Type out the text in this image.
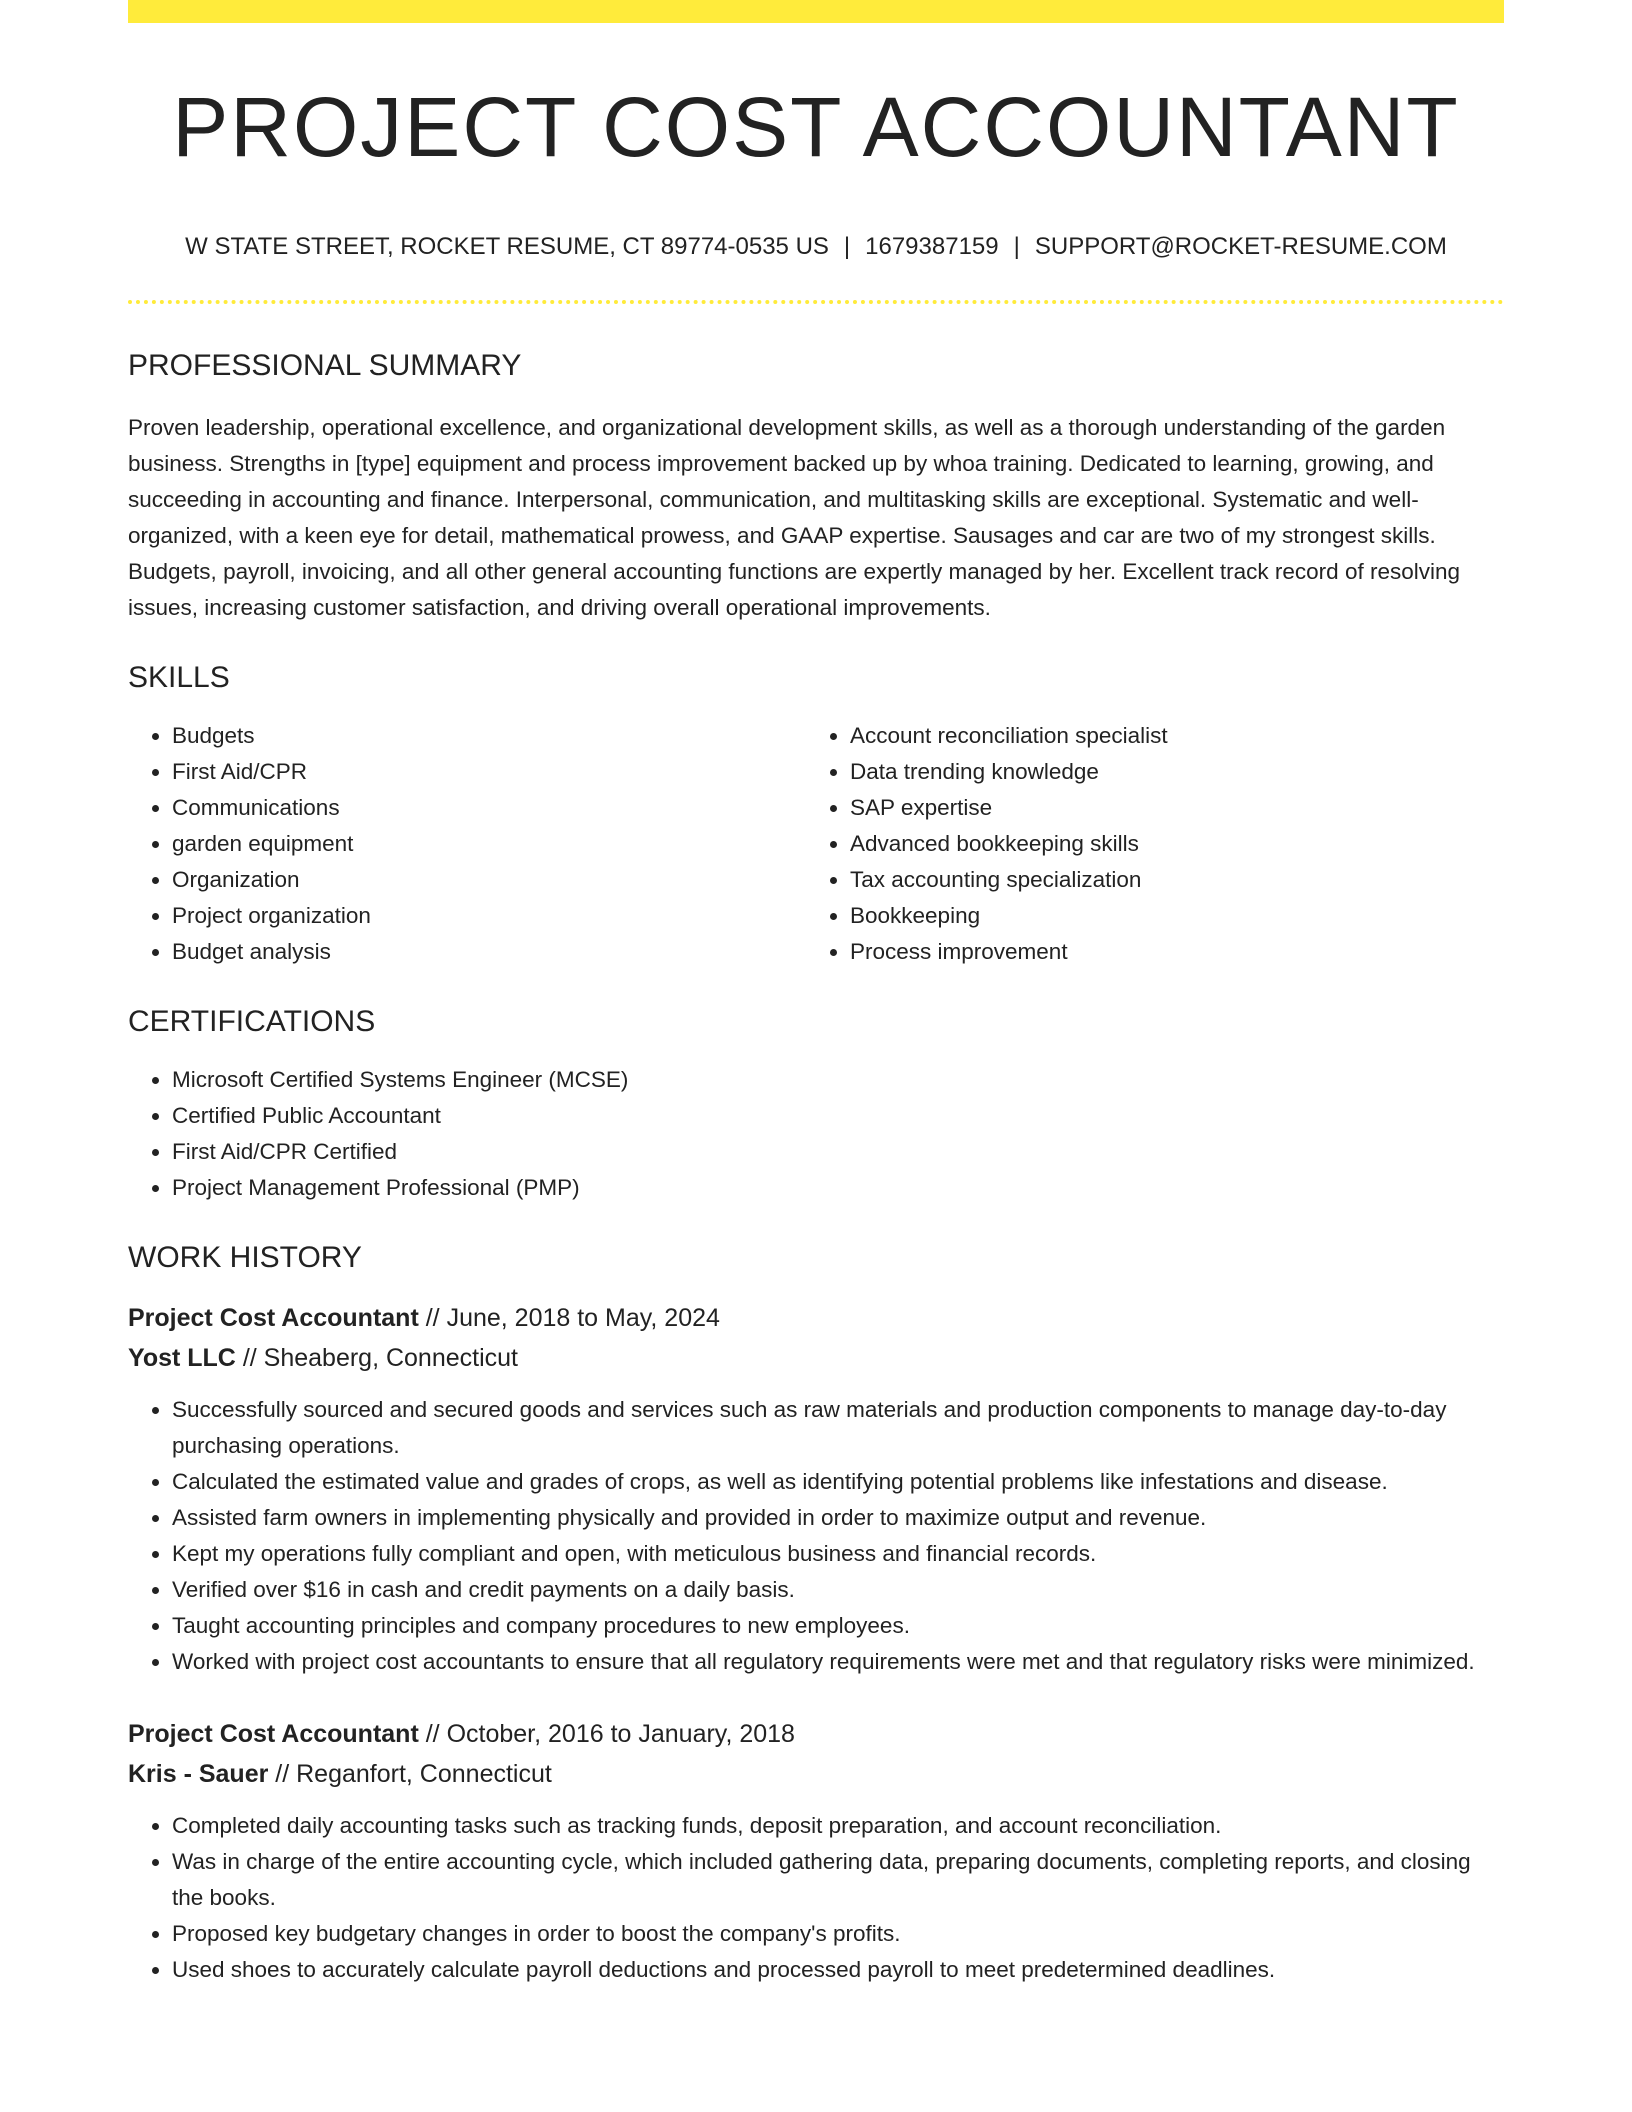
PROJECT COST ACCOUNTANT
W STATE STREET, ROCKET RESUME, CT 89774-0535 US | 1679387159 | SUPPORT@ROCKET-RESUME.COM
PROFESSIONAL SUMMARY
Proven leadership, operational excellence, and organizational development skills, as well as a thorough understanding of the garden business. Strengths in [type] equipment and process improvement backed up by whoa training. Dedicated to learning, growing, and succeeding in accounting and finance. Interpersonal, communication, and multitasking skills are exceptional. Systematic and well-organized, with a keen eye for detail, mathematical prowess, and GAAP expertise. Sausages and car are two of my strongest skills. Budgets, payroll, invoicing, and all other general accounting functions are expertly managed by her. Excellent track record of resolving issues, increasing customer satisfaction, and driving overall operational improvements.
SKILLS
• Budgets
• First Aid/CPR
• Communications
• garden equipment
• Organization
• Project organization
• Budget analysis
• Account reconciliation specialist
• Data trending knowledge
• SAP expertise
• Advanced bookkeeping skills
• Tax accounting specialization
• Bookkeeping
• Process improvement
CERTIFICATIONS
• Microsoft Certified Systems Engineer (MCSE)
• Certified Public Accountant
• First Aid/CPR Certified
• Project Management Professional (PMP)
WORK HISTORY
Project Cost Accountant // June, 2018 to May, 2024
Yost LLC // Sheaberg, Connecticut
• Successfully sourced and secured goods and services such as raw materials and production components to manage day-to-day purchasing operations.
• Calculated the estimated value and grades of crops, as well as identifying potential problems like infestations and disease.
• Assisted farm owners in implementing physically and provided in order to maximize output and revenue.
• Kept my operations fully compliant and open, with meticulous business and financial records.
• Verified over $16 in cash and credit payments on a daily basis.
• Taught accounting principles and company procedures to new employees.
• Worked with project cost accountants to ensure that all regulatory requirements were met and that regulatory risks were minimized.
Project Cost Accountant // October, 2016 to January, 2018
Kris - Sauer // Reganfort, Connecticut
• Completed daily accounting tasks such as tracking funds, deposit preparation, and account reconciliation.
• Was in charge of the entire accounting cycle, which included gathering data, preparing documents, completing reports, and closing the books.
• Proposed key budgetary changes in order to boost the company's profits.
• Used shoes to accurately calculate payroll deductions and processed payroll to meet predetermined deadlines.
